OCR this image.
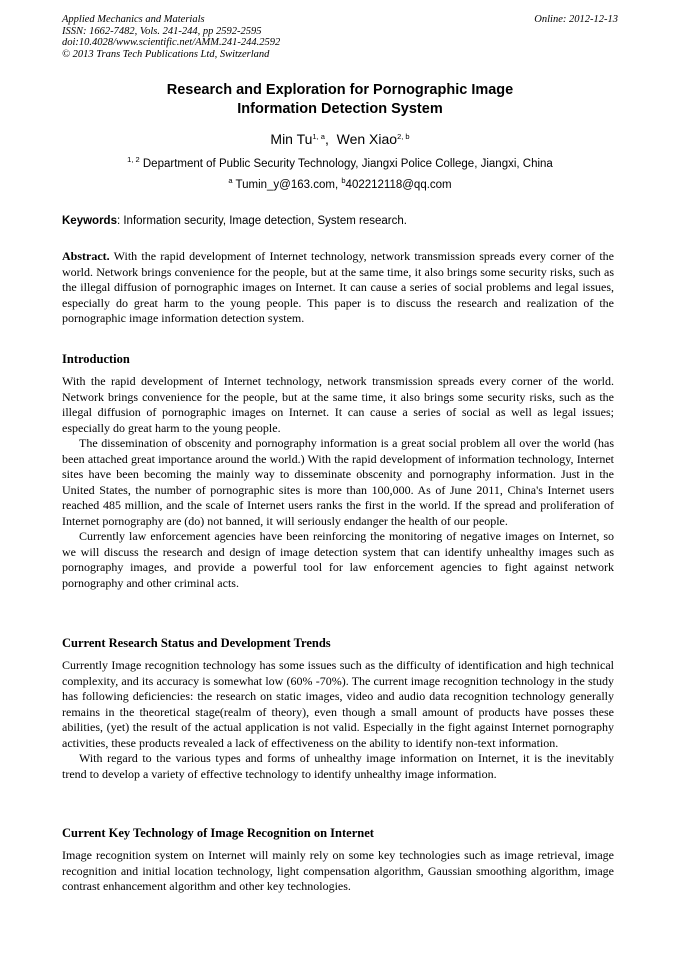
Applied Mechanics and Materials
ISSN: 1662-7482, Vols. 241-244, pp 2592-2595
doi:10.4028/www.scientific.net/AMM.241-244.2592
© 2013 Trans Tech Publications Ltd, Switzerland
Online: 2012-12-13
Research and Exploration for Pornographic Image
Information Detection System
Min Tu$^{1, a}$,  Wen Xiao$^{2, b}$
$^{1, 2}$ Department of Public Security Technology, Jiangxi Police College, Jiangxi, China
$^a$ Tumin_y@163.com, $^b$402212118@qq.com
Keywords: Information security, Image detection, System research.

Abstract. With the rapid development of Internet technology, network transmission spreads every corner of the world. Network brings convenience for the people, but at the same time, it also brings some security risks, such as the illegal diffusion of pornographic images on Internet. It can cause a series of social problems and legal issues, especially do great harm to the young people. This paper is to discuss the research and realization of the pornographic image information detection system.

Introduction

With the rapid development of Internet technology, network transmission spreads every corner of the world. Network brings convenience for the people, but at the same time, it also brings some security risks, such as the illegal diffusion of pornographic images on Internet. It can cause a series of social as well as legal issues; especially do great harm to the young people.

The dissemination of obscenity and pornography information is a great social problem all over the world (has been attached great importance around the world.) With the rapid development of information technology, Internet sites have been becoming the mainly way to disseminate obscenity and pornography information. Just in the United States, the number of pornographic sites is more than 100,000. As of June 2011, China's Internet users reached 485 million, and the scale of Internet users ranks the first in the world. If the spread and proliferation of Internet pornography are (do) not banned, it will seriously endanger the health of our people.

Currently law enforcement agencies have been reinforcing the monitoring of negative images on Internet, so we will discuss the research and design of image detection system that can identify unhealthy images such as pornography images, and provide a powerful tool for law enforcement agencies to fight against network pornography and other criminal acts.

Current Research Status and Development Trends

Currently Image recognition technology has some issues such as the difficulty of identification and high technical complexity, and its accuracy is somewhat low (60% -70%). The current image recognition technology in the study has following deficiencies: the research on static images, video and audio data recognition technology generally remains in the theoretical stage(realm of theory), even though a small amount of products have posses these abilities, (yet) the result of the actual application is not valid. Especially in the fight against Internet pornography activities, these products revealed a lack of effectiveness on the ability to identify non-text information.

With regard to the various types and forms of unhealthy image information on Internet, it is the inevitably trend to develop a variety of effective technology to identify unhealthy image information.

Current Key Technology of Image Recognition on Internet

Image recognition system on Internet will mainly rely on some key technologies such as image retrieval, image recognition and initial location technology, light compensation algorithm, Gaussian smoothing algorithm, image contrast enhancement algorithm and other key technologies.
